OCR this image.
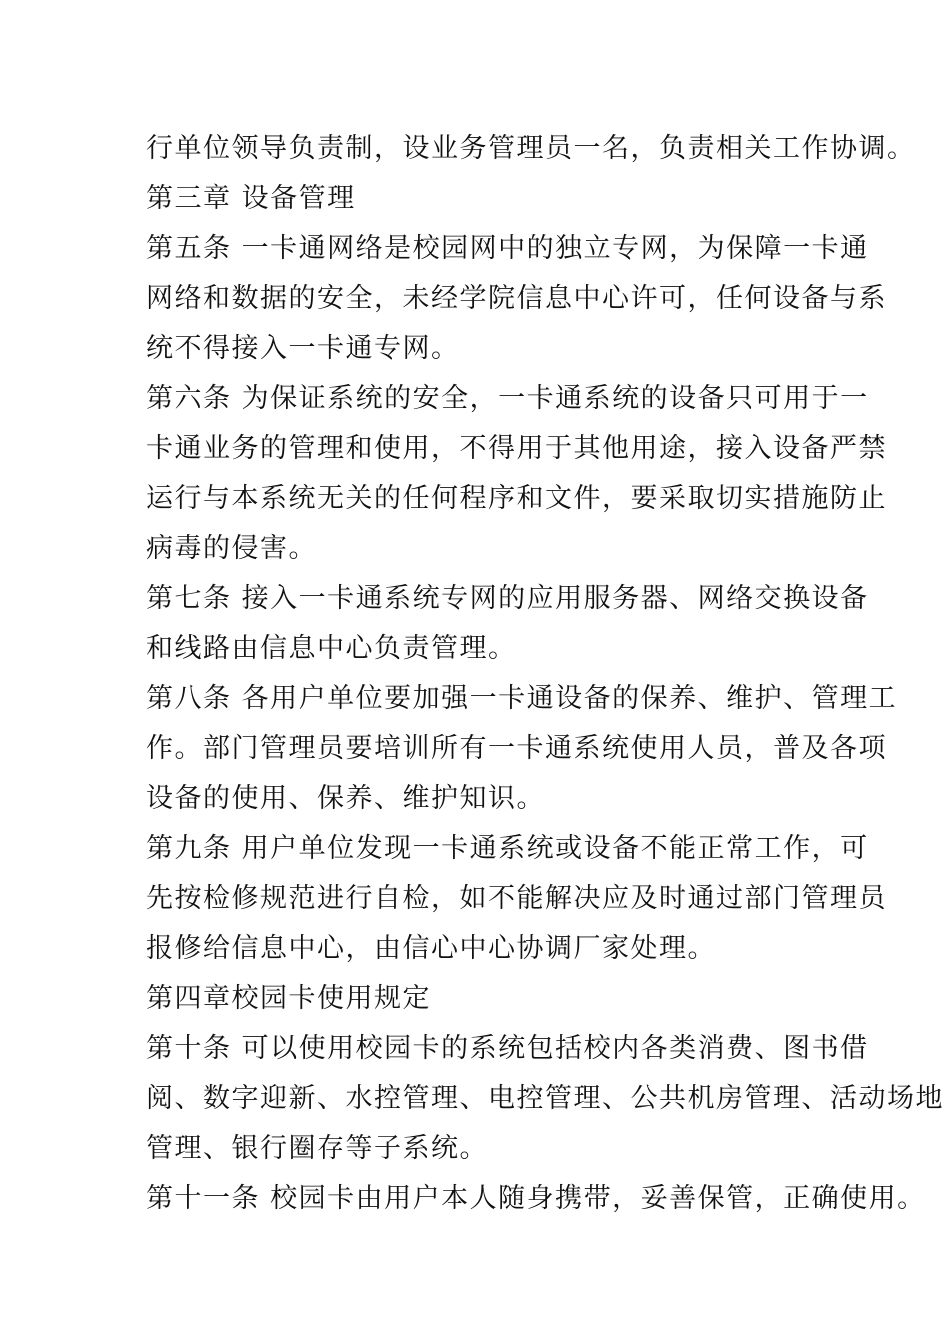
行单位领导负责制，设业务管理员一名，负责相关工作协调。
第三章 设备管理
第五条 一卡通网络是校园网中的独立专网，为保障一卡通
网络和数据的安全，未经学院信息中心许可，任何设备与系
统不得接入一卡通专网。
第六条 为保证系统的安全，一卡通系统的设备只可用于一
卡通业务的管理和使用，不得用于其他用途，接入设备严禁
运行与本系统无关的任何程序和文件，要采取切实措施防止
病毒的侵害。
第七条 接入一卡通系统专网的应用服务器、网络交换设备
和线路由信息中心负责管理。
第八条 各用户单位要加强一卡通设备的保养、维护、管理工
作。部门管理员要培训所有一卡通系统使用人员，普及各项
设备的使用、保养、维护知识。
第九条 用户单位发现一卡通系统或设备不能正常工作，可
先按检修规范进行自检，如不能解决应及时通过部门管理员
报修给信息中心，由信心中心协调厂家处理。
第四章校园卡使用规定
第十条 可以使用校园卡的系统包括校内各类消费、图书借
阅、数字迎新、水控管理、电控管理、公共机房管理、活动场地
管理、银行圈存等子系统。
第十一条 校园卡由用户本人随身携带，妥善保管，正确使用。
